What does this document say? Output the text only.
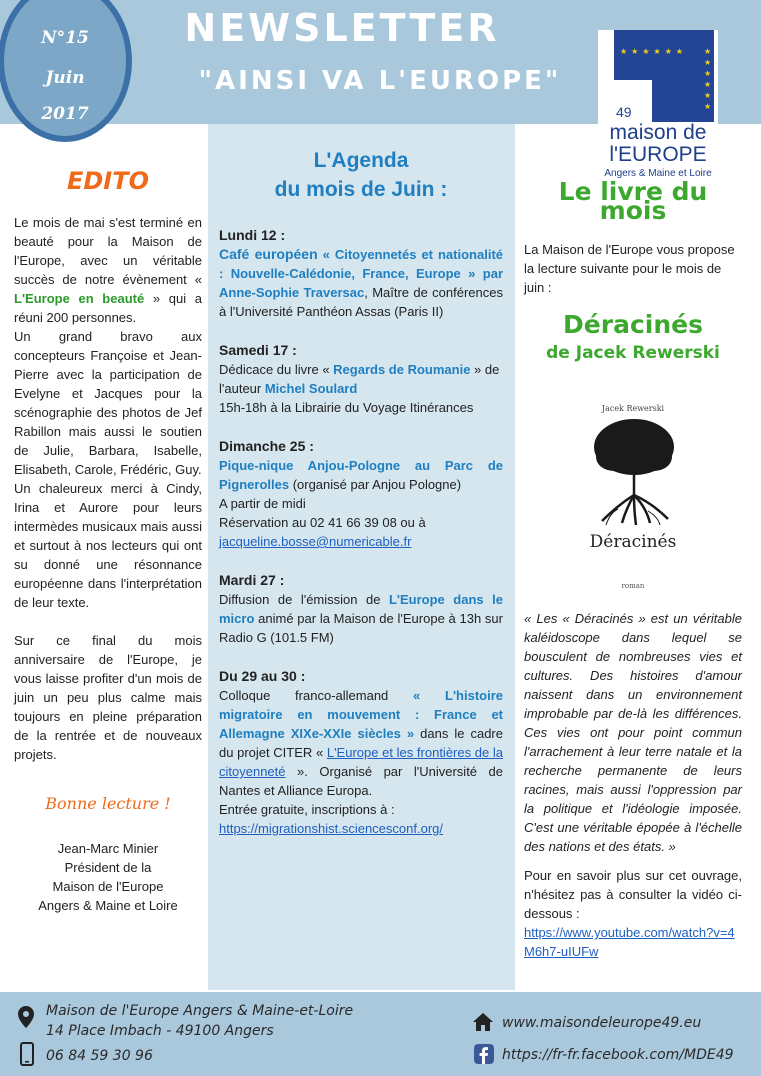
NEWSLETTER
"AINSI VA L'EUROPE"
N°15
Juin
2017
★★★★★★ ★
★
★
★
★
★
49
maison de
l'EUROPE
Angers & Maine et Loire
EDITO

Le mois de mai s'est terminé en beauté pour la Maison de l'Europe, avec un véritable succès de notre évènement « L'Europe en beauté » qui a réuni 200 personnes.

Un grand bravo aux concepteurs Françoise et Jean-Pierre avec la participation de Evelyne et Jacques pour la scénographie des photos de Jef Rabillon mais aussi le soutien de Julie, Barbara, Isabelle, Elisabeth, Carole, Frédéric, Guy.

Un chaleureux merci à Cindy, Irina et Aurore pour leurs intermèdes musicaux mais aussi et surtout à nos lecteurs qui ont su donné une résonnance européenne dans l'interprétation de leur texte.

Sur ce final du mois anniversaire de l'Europe, je vous laisse profiter d'un mois de juin un peu plus calme mais toujours en pleine préparation de la rentrée et de nouveaux projets.

Bonne lecture !
Jean-Marc Minier
Président de la
Maison de l'Europe
Angers & Maine et Loire
L'Agenda
du mois de Juin :
Lundi 12 :

Café européen « Citoyennetés et nationalité : Nouvelle-Calédonie, France, Europe » par Anne-Sophie Traversac, Maître de conférences à l'Université Panthéon Assas (Paris II)

Samedi 17 :

Dédicace du livre « Regards de Roumanie » de l'auteur Michel Soulard

15h-18h à la Librairie du Voyage Itinérances

Dimanche 25 :

Pique-nique Anjou-Pologne au Parc de Pignerolles (organisé par Anjou Pologne)

A partir de midi

Réservation au 02 41 66 39 08 ou à

jacqueline.bosse@numericable.fr

Mardi 27 :

Diffusion de l'émission de L'Europe dans le micro animé par la Maison de l'Europe à 13h sur Radio G (101.5 FM)

Du 29 au 30 :

Colloque franco-allemand « L'histoire migratoire en mouvement : France et Allemagne XIXe-XXIe siècles » dans le cadre du projet CITER « L'Europe et les frontières de la citoyenneté ». Organisé par l'Université de Nantes et Alliance Europa.

Entrée gratuite, inscriptions à :

https://migrationshist.sciencesconf.org/

Le livre du mois

La Maison de l'Europe vous propose la lecture suivante pour le mois de juin :

Déracinés
de Jacek Rewerski
Jacek Rewerski
Déracinés
roman

« Les « Déracinés » est un véritable kaléidoscope dans lequel se bousculent de nombreuses vies et cultures. Des histoires d'amour naissent dans un environnement improbable par de-là les différences. Ces vies ont pour point commun l'arrachement à leur terre natale et la recherche permanente de leurs racines, mais aussi l'oppression par la politique et l'idéologie imposée. C'est une véritable épopée à l'échelle des nations et des états. »

Pour en savoir plus sur cet ouvrage, n'hésitez pas à consulter la vidéo ci-dessous :

https://www.youtube.com/watch?v=4M6h7-uIUFw

Maison de l'Europe Angers & Maine-et-Loire
14 Place Imbach - 49100 Angers
06 84 59 30 96
www.maisondeleurope49.eu
https://fr-fr.facebook.com/MDE49
